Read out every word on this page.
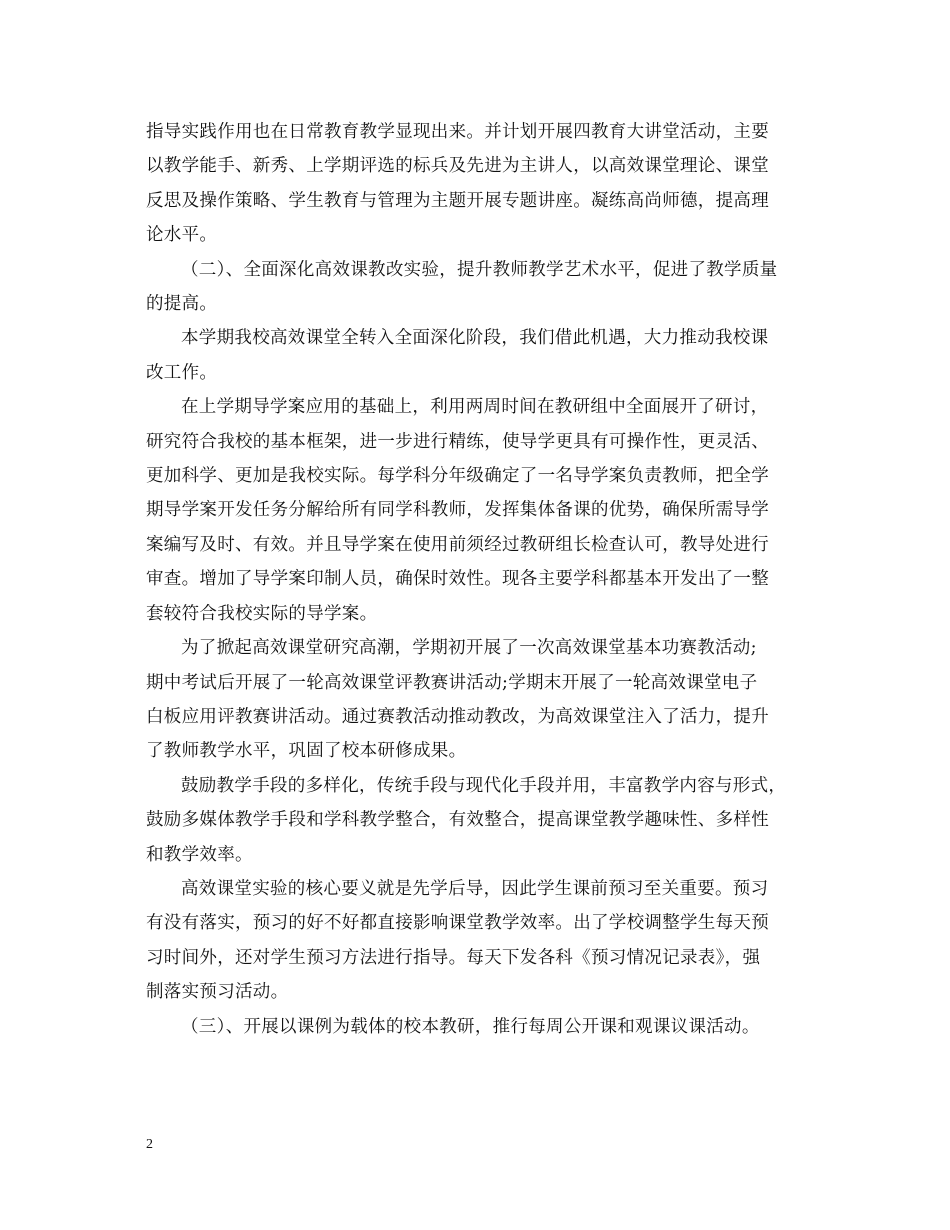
指导实践作用也在日常教育教学显现出来。并计划开展四教育大讲堂活动，主要
以教学能手、新秀、上学期评选的标兵及先进为主讲人，以高效课堂理论、课堂
反思及操作策略、学生教育与管理为主题开展专题讲座。凝练高尚师德，提高理
论水平。

（二）、全面深化高效课教改实验，提升教师教学艺术水平，促进了教学质量
的提高。

本学期我校高效课堂全转入全面深化阶段，我们借此机遇，大力推动我校课
改工作。

在上学期导学案应用的基础上，利用两周时间在教研组中全面展开了研讨，
研究符合我校的基本框架，进一步进行精练，使导学更具有可操作性，更灵活、
更加科学、更加是我校实际。每学科分年级确定了一名导学案负责教师，把全学
期导学案开发任务分解给所有同学科教师，发挥集体备课的优势，确保所需导学
案编写及时、有效。并且导学案在使用前须经过教研组长检查认可，教导处进行
审查。增加了导学案印制人员，确保时效性。现各主要学科都基本开发出了一整
套较符合我校实际的导学案。

为了掀起高效课堂研究高潮，学期初开展了一次高效课堂基本功赛教活动;
期中考试后开展了一轮高效课堂评教赛讲活动;学期末开展了一轮高效课堂电子
白板应用评教赛讲活动。通过赛教活动推动教改，为高效课堂注入了活力，提升
了教师教学水平，巩固了校本研修成果。

鼓励教学手段的多样化，传统手段与现代化手段并用，丰富教学内容与形式，
鼓励多媒体教学手段和学科教学整合，有效整合，提高课堂教学趣味性、多样性
和教学效率。

高效课堂实验的核心要义就是先学后导，因此学生课前预习至关重要。预习
有没有落实，预习的好不好都直接影响课堂教学效率。出了学校调整学生每天预
习时间外，还对学生预习方法进行指导。每天下发各科《预习情况记录表》，强
制落实预习活动。

（三）、开展以课例为载体的校本教研，推行每周公开课和观课议课活动。

2
